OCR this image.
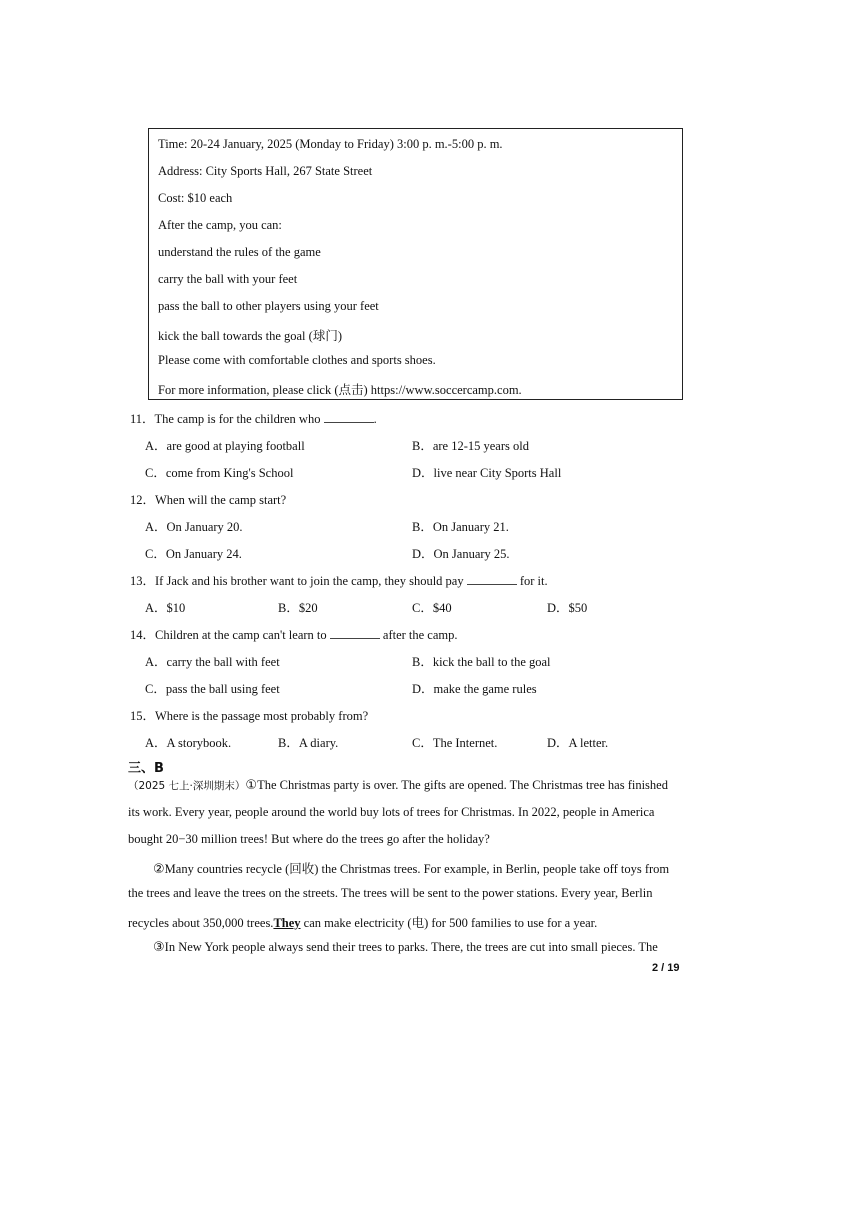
Time: 20-24 January, 2025 (Monday to Friday) 3:00 p. m.-5:00 p. m.
Address: City Sports Hall, 267 State Street
Cost: $10 each
After the camp, you can:
understand the rules of the game
carry the ball with your feet
pass the ball to other players using your feet
kick the ball towards the goal (球门)
Please come with comfortable clothes and sports shoes.
For more information, please click (点击) https://www.soccercamp.com.
11．The camp is for the children who	.
A．are good at playing football	B．are 12-15 years old
C．come from King's School	D．live near City Sports Hall
12．When will the camp start?
A．On January 20.	B．On January 21.
C．On January 24.	D．On January 25.
13．If Jack and his brother want to join the camp, they should pay	for it.
A．$10	B．$20	C．$40	D．$50
14．Children at the camp can't learn to	after the camp.
A．carry the ball with feet	B．kick the ball to the goal
C．pass the ball using feet	D．make the game rules
15．Where is the passage most probably from?
A．A storybook.	B．A diary.	C．The Internet.	D．A letter.
三、B
（2025 七上·深圳期末）①The Christmas party is over. The gifts are opened. The Christmas tree has finished
its work. Every year, people around the world buy lots of trees for Christmas. In 2022, people in America
bought 20−30 million trees! But where do the trees go after the holiday?
②Many countries recycle (回收) the Christmas trees. For example, in Berlin, people take off toys from
the trees and leave the trees on the streets. The trees will be sent to the power stations. Every year, Berlin
recycles about 350,000 trees.They can make electricity (电) for 500 families to use for a year.
③In New York people always send their trees to parks. There, the trees are cut into small pieces. The
2 / 19
